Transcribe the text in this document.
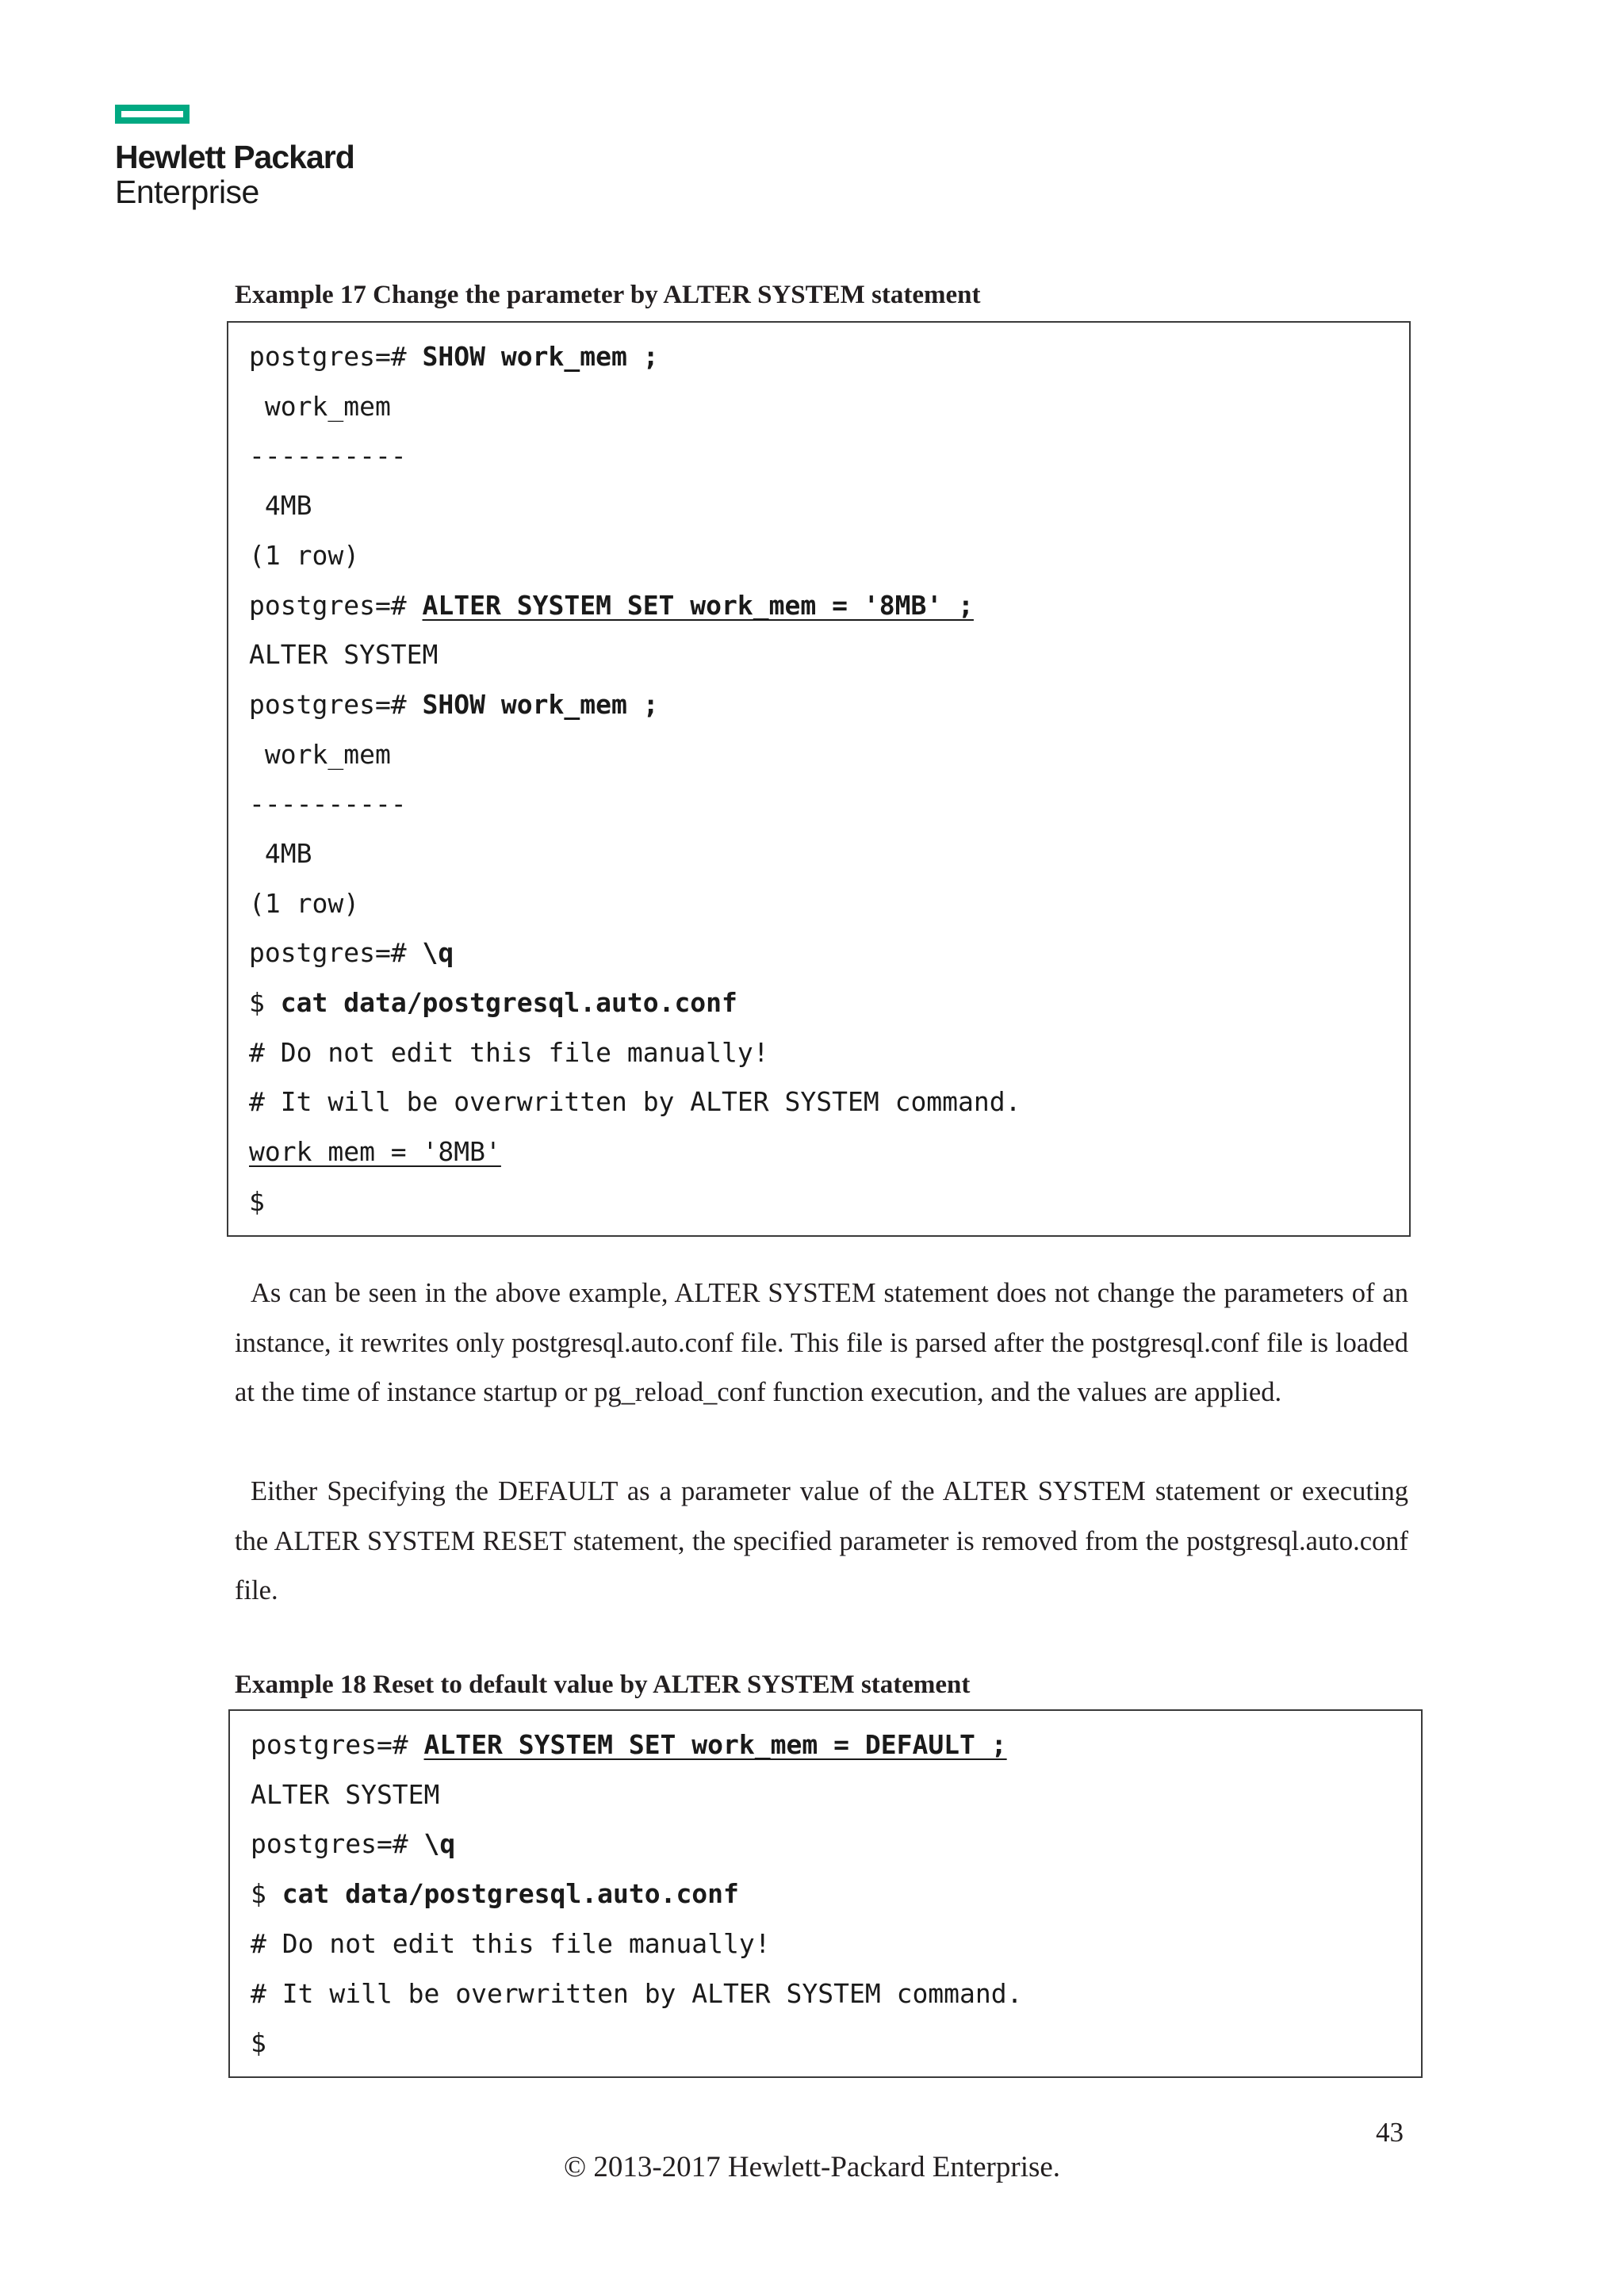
Hewlett Packard
Enterprise
Example 17 Change the parameter by ALTER SYSTEM statement
postgres=# SHOW work_mem ;
work_mem
----------
4MB
(1 row)
postgres=# ALTER SYSTEM SET work_mem = '8MB' ;
ALTER SYSTEM
postgres=# SHOW work_mem ;
work_mem
----------
4MB
(1 row)
postgres=# \q
$ cat data/postgresql.auto.conf
# Do not edit this file manually!
# It will be overwritten by ALTER SYSTEM command.
work_mem = '8MB'
$
As can be seen in the above example, ALTER SYSTEM statement does not change the parameters of an instance, it rewrites only postgresql.auto.conf file. This file is parsed after the postgresql.conf file is loaded at the time of instance startup or pg_reload_conf function execution, and the values are applied.
Either Specifying the DEFAULT as a parameter value of the ALTER SYSTEM statement or executing the ALTER SYSTEM RESET statement, the specified parameter is removed from the postgresql.auto.conf file.
Example 18 Reset to default value by ALTER SYSTEM statement
postgres=# ALTER SYSTEM SET work_mem = DEFAULT ;
ALTER SYSTEM
postgres=# \q
$ cat data/postgresql.auto.conf
# Do not edit this file manually!
# It will be overwritten by ALTER SYSTEM command.
$
43
© 2013-2017 Hewlett-Packard Enterprise.
